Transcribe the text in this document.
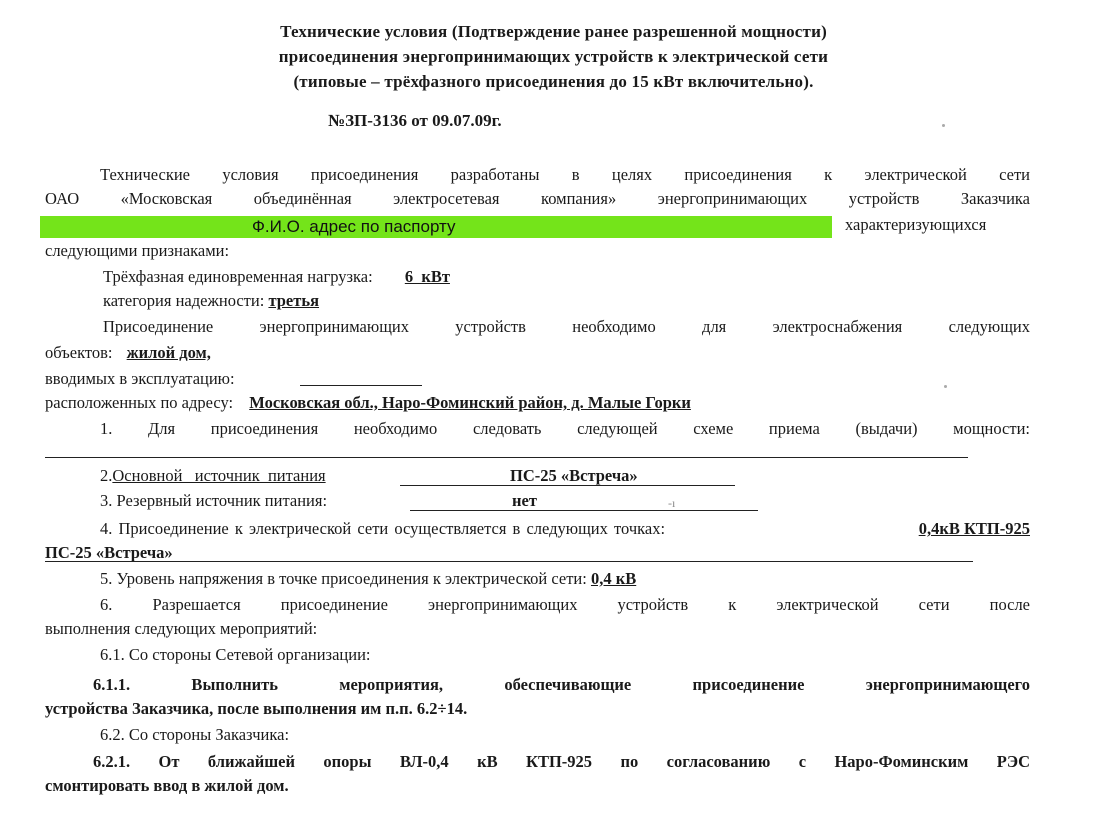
Технические условия (Подтверждение ранее разрешенной мощности)
присоединения энергопринимающих устройств к электрической сети
(типовые – трёхфазного присоединения до 15 кВт включительно).
№ЗП-3136 от 09.07.09г.
Технические условия присоединения разработаны в целях присоединения к электрической сети
ОАО «Московская объединённая электросетевая компания» энергопринимающих устройств Заказчика
Ф.И.О. адрес по паспорту	характеризующихся
следующими признаками:
Трёхфазная единовременная нагрузка: 6  кВт
категория надежности: третья
Присоединение энергопринимающих устройств необходимо для электроснабжения следующих
объектов: жилой дом,
вводимых в эксплуатацию:
расположенных по адресу: Московская обл., Наро-Фоминский район, д. Малые Горки
1. Для присоединения необходимо следовать следующей схеме приема (выдачи) мощности:
2.Основной   источник  питания	ПС-25 «Встреча»
3. Резервный источник питания:	нет	-ı
4. Присоединение к электрической сети осуществляется в следующих точках:	0,4кВ КТП-925
ПС-25 «Встреча»
5. Уровень напряжения в точке присоединения к электрической сети: 0,4 кВ
6. Разрешается присоединение энергопринимающих устройств к электрической сети после
выполнения следующих мероприятий:
6.1. Со стороны Сетевой организации:
6.1.1. Выполнить мероприятия, обеспечивающие присоединение энергопринимающего
устройства Заказчика, после выполнения им п.п. 6.2÷14.
6.2. Со стороны Заказчика:
6.2.1. От ближайшей опоры ВЛ-0,4 кВ КТП-925 по согласованию с Наро-Фоминским РЭС
смонтировать ввод в жилой дом.
